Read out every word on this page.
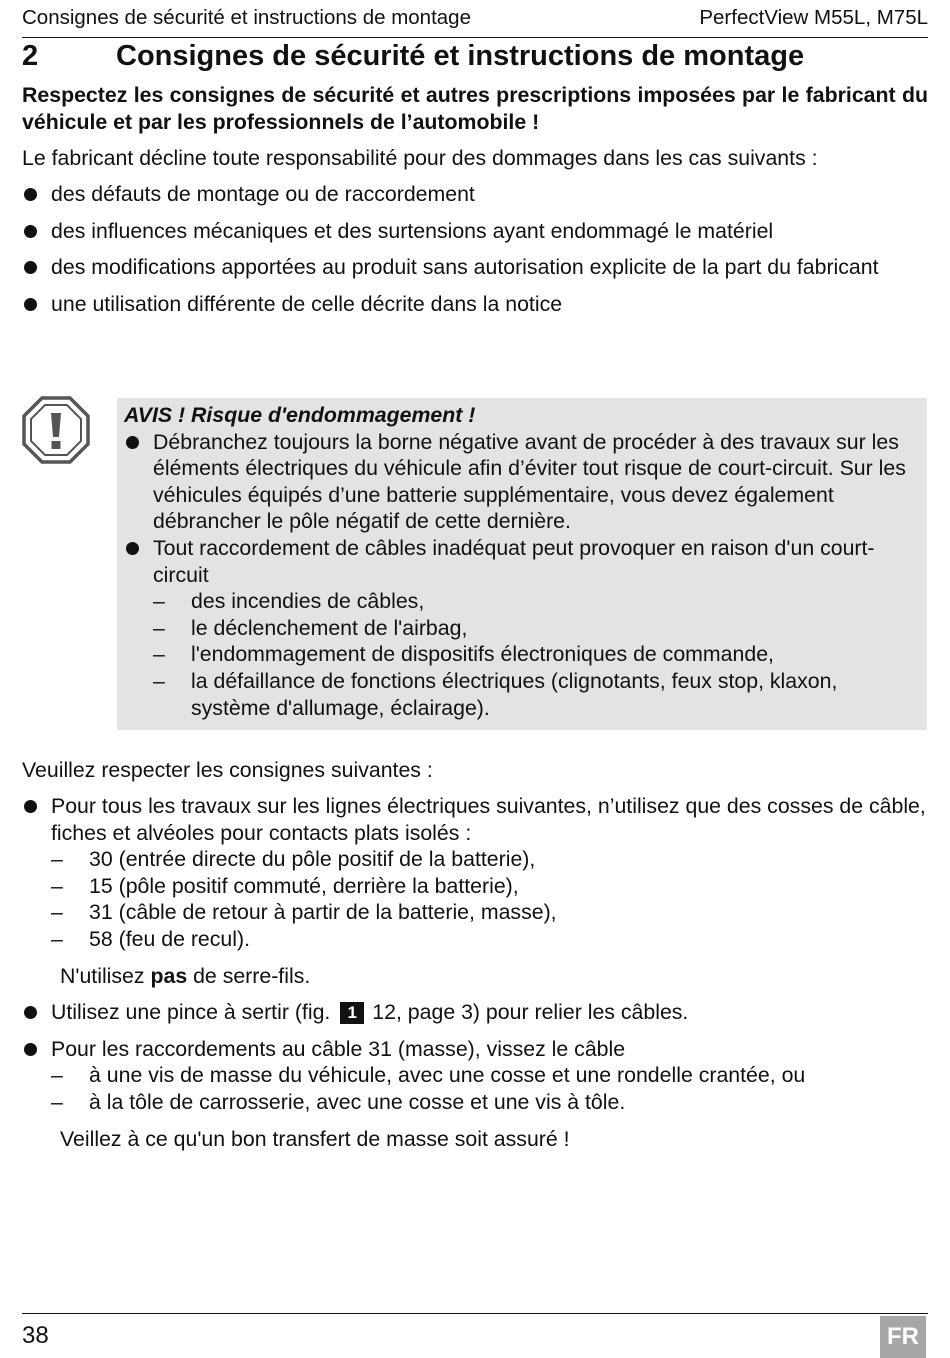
Consignes de sécurité et instructions de montage	PerfectView M55L, M75L
2	Consignes de sécurité et instructions de montage
Respectez les consignes de sécurité et autres prescriptions imposées par le fabricant du véhicule et par les professionnels de l’automobile !
Le fabricant décline toute responsabilité pour des dommages dans les cas suivants :
des défauts de montage ou de raccordement
des influences mécaniques et des surtensions ayant endommagé le matériel
des modifications apportées au produit sans autorisation explicite de la part du fabricant
une utilisation différente de celle décrite dans la notice
AVIS ! Risque d'endommagement !
Débranchez toujours la borne négative avant de procéder à des travaux sur les éléments électriques du véhicule afin d’éviter tout risque de court-circuit. Sur les véhicules équipés d’une batterie supplémentaire, vous devez également débrancher le pôle négatif de cette dernière.
Tout raccordement de câbles inadéquat peut provoquer en raison d'un court-circuit
– des incendies de câbles,
– le déclenchement de l'airbag,
– l'endommagement de dispositifs électroniques de commande,
– la défaillance de fonctions électriques (clignotants, feux stop, klaxon, système d'allumage, éclairage).
Veuillez respecter les consignes suivantes :
Pour tous les travaux sur les lignes électriques suivantes, n’utilisez que des cosses de câble, fiches et alvéoles pour contacts plats isolés :
– 30 (entrée directe du pôle positif de la batterie),
– 15 (pôle positif commuté, derrière la batterie),
– 31 (câble de retour à partir de la batterie, masse),
– 58 (feu de recul).
N'utilisez pas de serre-fils.
Utilisez une pince à sertir (fig. 1 12, page 3) pour relier les câbles.
Pour les raccordements au câble 31 (masse), vissez le câble
– à une vis de masse du véhicule, avec une cosse et une rondelle crantée, ou
– à la tôle de carrosserie, avec une cosse et une vis à tôle.
Veillez à ce qu'un bon transfert de masse soit assuré !
38	FR
